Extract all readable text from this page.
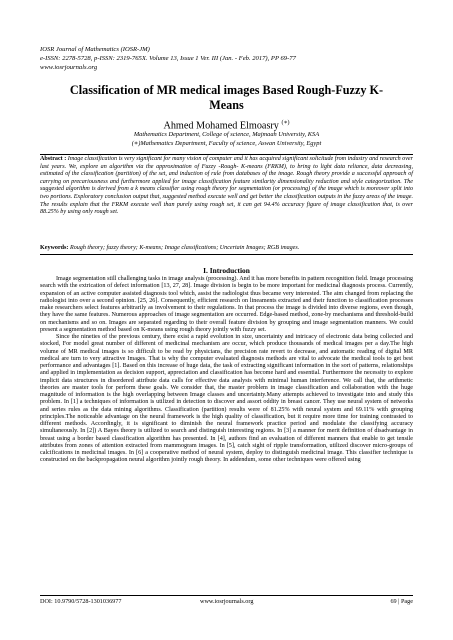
IOSR Journal of Mathematics (IOSR-JM)
e-ISSN: 2278-5728, p-ISSN: 2319-765X. Volume 13, Issue 1 Ver. III (Jan. - Feb. 2017), PP 69-77
www.iosrjournals.org
Classification of MR medical images Based Rough-Fuzzy K-Means
Ahmed Mohamed Elmoasry (∗)
Mathematics Department, College of science, Majmaah University, KSA
(∗)Mathematics Department, Faculty of science, Aswan University, Egypt
Abstract : Image classification is very significant for many vision of computer and it has acquired significant solicitude from industry and research over last years. We, explore an algorithm via the approximation of Fuzzy -Rough- K-means (FRKM), to bring to light data reliance, data decreasing, estimated of the classification (partition) of the set, and induction of rule from databases of the image. Rough theory provide a successful approach of carrying on precariousness and furthermore applied for image classification feature similarity dimensionality reduction and style categorization. The suggested algorithm is derived from a k means classifier using rough theory for segmentation (or processing) of the image which is moreover split into two portions. Exploratory conclusion output that, suggested method execute well and get better the classification outputs in the fuzzy areas of the image. The results explain that the FRKM execute well than purely using rough set, it can get 94.4% accuracy figure of image classification that, is over 88.25% by using only rough set.
Keywords: Rough theory; fuzzy theory; K-means; Image classifications; Uncertain Images; RGB images.
I. Introduction

Image segmentation still challenging tasks in image analysis (processing). And it has more benefits in pattern recognition field. Image processing search with the extrication of defect information [13, 27, 28]. Image division is begin to be more important for medicinal diagnosis process. Currently, expansion of an active computer assisted diagnosis tool which, assist the radiologist thus became very interested. The aim changed from replacing the radiologist into over a second opinion. [25, 26]. Consequently, efficient research on lineaments extracted and their function to classification processes make researchers select features arbitrarily as involvement to their regulations. In that process the image is divided into diverse regions, even though, they have the same features. Numerous approaches of image segmentation are occurred. Edge-based method, zone-by mechanisms and threshold-build on mechanisms and so on. Images are separated regarding to their overall feature division by grouping and image segmentation manners. We could present a segmentation method based on K-means using rough theory jointly with fuzzy set.

Since the nineties of the previous century, there exist a rapid evolution in size, uncertainty and intricacy of electronic data being collected and stocked, For model great number of different of medicinal mechanism are occur, which produce thousands of medical images per a day.The high volume of MR medical images is so difficult to be read by physicians, the precision rate revert to decrease, and automatic reading of digital MR medical are turn to very attractive Images. That is why the computer evaluated diagnosis methods are vital to advocate the medical tools to get best performance and advantages [1]. Based on this increase of huge data, the task of extracting significant information in the sort of patterns, relationships and applied in implementation as decision support, appreciation and classification has become hard and essential. Furthermore the necessity to explore implicit data structures in disordered attribute data calls for effective data analysis with minimal human interference. We call that, the arithmetic theories are master tools for perform these goals. We consider that, the master problem in image classification and collaboration with the huge magnitude of information is the high overlapping between Image classes and uncertainty.Many attempts achieved to investigate into and study this problem. In [1] a techniques of information is utilized in detection to discover and assort oddity in breast cancer. They use neural system of networks and series rules as the data mining algorithms. Classification (partition) results were of 81.25% with neural system and 69.11% with grouping principles.The noticeable advantage on the neural framework is the high quality of classification, but it require more time for training contrasted to different methods. Accordingly, it is significant to diminish the neural framework practice period and modulate the classifying accuracy simultaneously. In [2]) A Bayes theory is utilized to search and distinguish interesting regions. In [3] a manner for merit definition of disadvantage in breast using a border based classification algorithm has presented. In [4], authors find an evaluation of different manners that enable to get tensile attributes from zones of attention extracted from mammogram images. In [5], catch sight of ripple transformation, utilized discover micro-groups of calcifications in medicinal images. In [6] a cooperative method of neural system, deploy to distinguish medicinal image. This classifier technique is constructed on the backpropagation neural algorithm jointly rough theory. In addendum, some other techniques were offered using

DOI: 10.9790/5728-1301036977	www.iosrjournals.org	69 | Page
